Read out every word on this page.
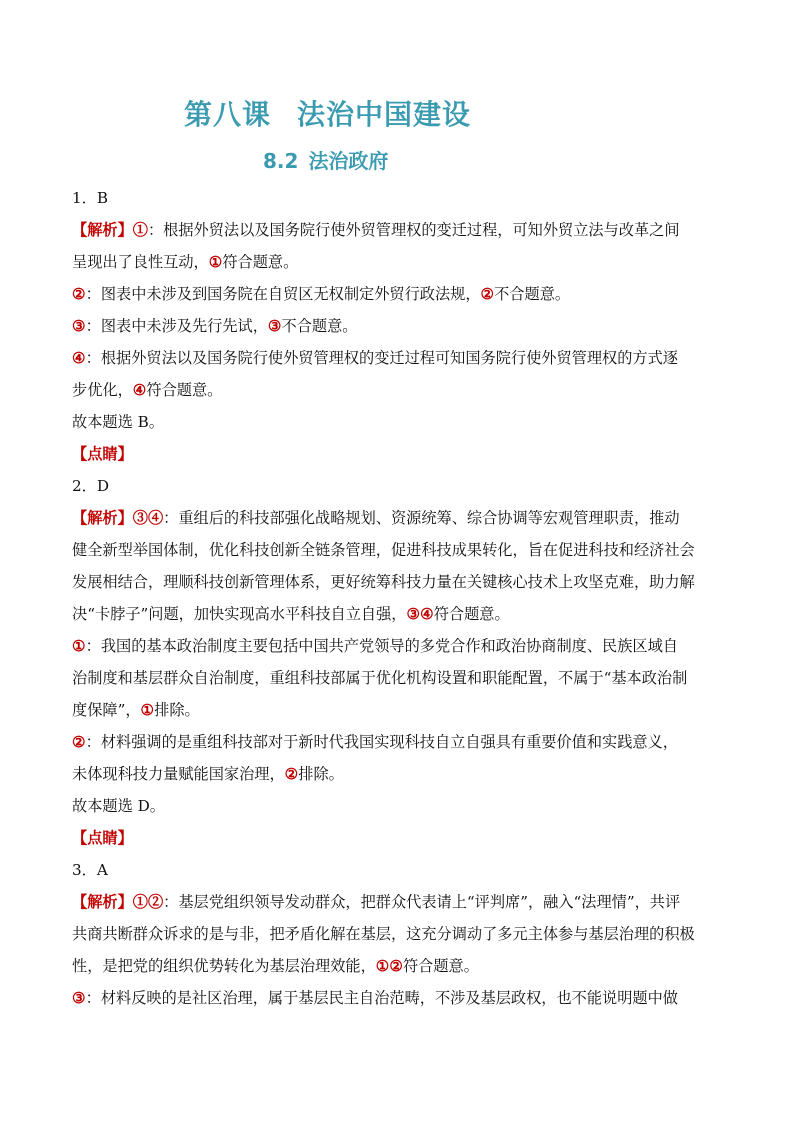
第八课 法治中国建设
8.2 法治政府
1．B
【解析】①：根据外贸法以及国务院行使外贸管理权的变迁过程，可知外贸立法与改革之间
呈现出了良性互动，①符合题意。
②：图表中未涉及到国务院在自贸区无权制定外贸行政法规，②不合题意。
③：图表中未涉及先行先试，③不合题意。
④：根据外贸法以及国务院行使外贸管理权的变迁过程可知国务院行使外贸管理权的方式逐
步优化，④符合题意。
故本题选 B。
【点睛】
2．D
【解析】③④：重组后的科技部强化战略规划、资源统筹、综合协调等宏观管理职责，推动
健全新型举国体制，优化科技创新全链条管理，促进科技成果转化，旨在促进科技和经济社会
发展相结合，理顺科技创新管理体系，更好统筹科技力量在关键核心技术上攻坚克难，助力解
决“卡脖子”问题，加快实现高水平科技自立自强，③④符合题意。
①：我国的基本政治制度主要包括中国共产党领导的多党合作和政治协商制度、民族区域自
治制度和基层群众自治制度，重组科技部属于优化机构设置和职能配置，不属于“基本政治制
度保障”，①排除。
②：材料强调的是重组科技部对于新时代我国实现科技自立自强具有重要价值和实践意义，
未体现科技力量赋能国家治理，②排除。
故本题选 D。
【点睛】
3．A
【解析】①②：基层党组织领导发动群众，把群众代表请上“评判席”，融入“法理情”，共评
共商共断群众诉求的是与非，把矛盾化解在基层，这充分调动了多元主体参与基层治理的积极
性，是把党的组织优势转化为基层治理效能，①②符合题意。
③：材料反映的是社区治理，属于基层民主自治范畴，不涉及基层政权，也不能说明题中做
